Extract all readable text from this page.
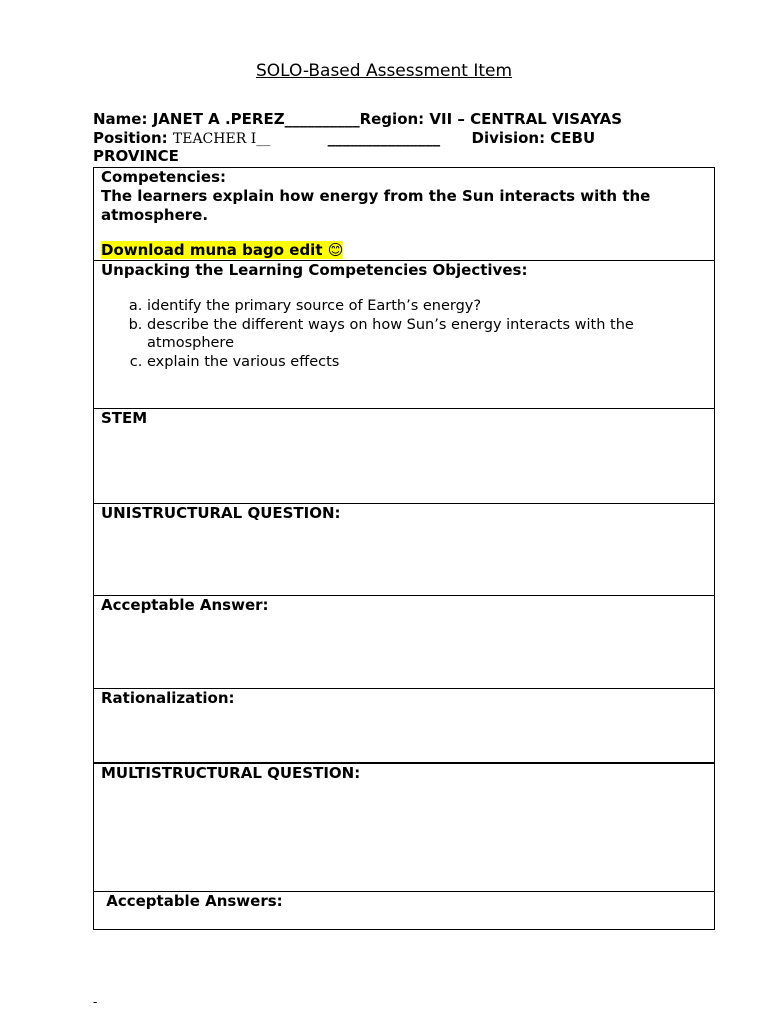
SOLO-Based Assessment Item
Name: JANET A .PEREZ__________Region: VII – CENTRAL VISAYAS
Position: TEACHER I__           _______________      Division: CEBU
PROVINCE
Competencies:
The learners explain how energy from the Sun interacts with the atmosphere.
Download muna bago edit 😊
Unpacking the Learning Competencies Objectives:
a. identify the primary source of Earth’s energy?
b. describe the different ways on how Sun’s energy interacts with the atmosphere
c. explain the various effects
STEM
UNISTRUCTURAL QUESTION:
Acceptable Answer:
Rationalization:
MULTISTRUCTURAL QUESTION:
Acceptable Answers:
-
